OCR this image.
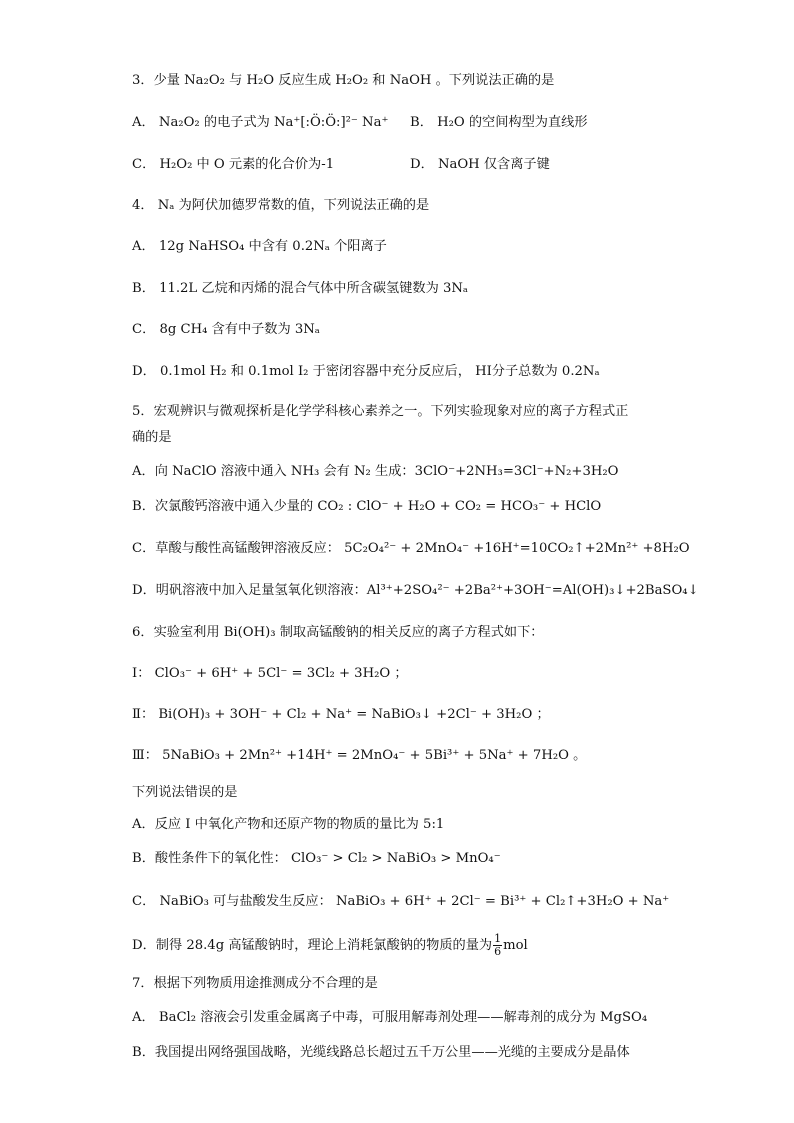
3．少量 Na₂O₂ 与 H₂O 反应生成 H₂O₂ 和 NaOH 。下列说法正确的是
A． Na₂O₂ 的电子式为 Na⁺[:Ö:Ö:]²⁻ Na⁺ B． H₂O 的空间构型为直线形
C． H₂O₂ 中 O 元素的化合价为-1	D． NaOH 仅含离子键
4． Nₐ 为阿伏加德罗常数的值，下列说法正确的是
A． 12g NaHSO₄ 中含有 0.2Nₐ 个阳离子
B． 11.2L 乙烷和丙烯的混合气体中所含碳氢键数为 3Nₐ
C． 8g CH₄ 含有中子数为 3Nₐ
D． 0.1mol H₂ 和 0.1mol I₂ 于密闭容器中充分反应后， HI分子总数为 0.2Nₐ
5．宏观辨识与微观探析是化学学科核心素养之一。下列实验现象对应的离子方程式正
确的是
A．向 NaClO 溶液中通入 NH₃ 会有 N₂ 生成：3ClO⁻+2NH₃=3Cl⁻+N₂+3H₂O
B．次氯酸钙溶液中通入少量的 CO₂ : ClO⁻ + H₂O + CO₂ = HCO₃⁻ + HClO
C．草酸与酸性高锰酸钾溶液反应： 5C₂O₄²⁻ + 2MnO₄⁻ +16H⁺=10CO₂↑+2Mn²⁺ +8H₂O
D．明矾溶液中加入足量氢氧化钡溶液：Al³⁺+2SO₄²⁻ +2Ba²⁺+3OH⁻=Al(OH)₃↓+2BaSO₄↓
6．实验室利用 Bi(OH)₃ 制取高锰酸钠的相关反应的离子方程式如下：
Ⅰ： ClO₃⁻ + 6H⁺ + 5Cl⁻ = 3Cl₂ + 3H₂O ；
Ⅱ： Bi(OH)₃ + 3OH⁻ + Cl₂ + Na⁺ = NaBiO₃↓ +2Cl⁻ + 3H₂O ；
Ⅲ： 5NaBiO₃ + 2Mn²⁺ +14H⁺ = 2MnO₄⁻ + 5Bi³⁺ + 5Na⁺ + 7H₂O 。
下列说法错误的是
A．反应 I 中氧化产物和还原产物的物质的量比为 5:1
B．酸性条件下的氧化性： ClO₃⁻ > Cl₂ > NaBiO₃ > MnO₄⁻
C． NaBiO₃ 可与盐酸发生反应： NaBiO₃ + 6H⁺ + 2Cl⁻ = Bi³⁺ + Cl₂↑+3H₂O + Na⁺
D．制得 28.4g 高锰酸钠时，理论上消耗氯酸钠的物质的量为 $\frac{1}{6}$ mol
7．根据下列物质用途推测成分不合理的是
A． BaCl₂ 溶液会引发重金属离子中毒，可服用解毒剂处理——解毒剂的成分为 MgSO₄
B．我国提出网络强国战略，光缆线路总长超过五千万公里——光缆的主要成分是晶体
